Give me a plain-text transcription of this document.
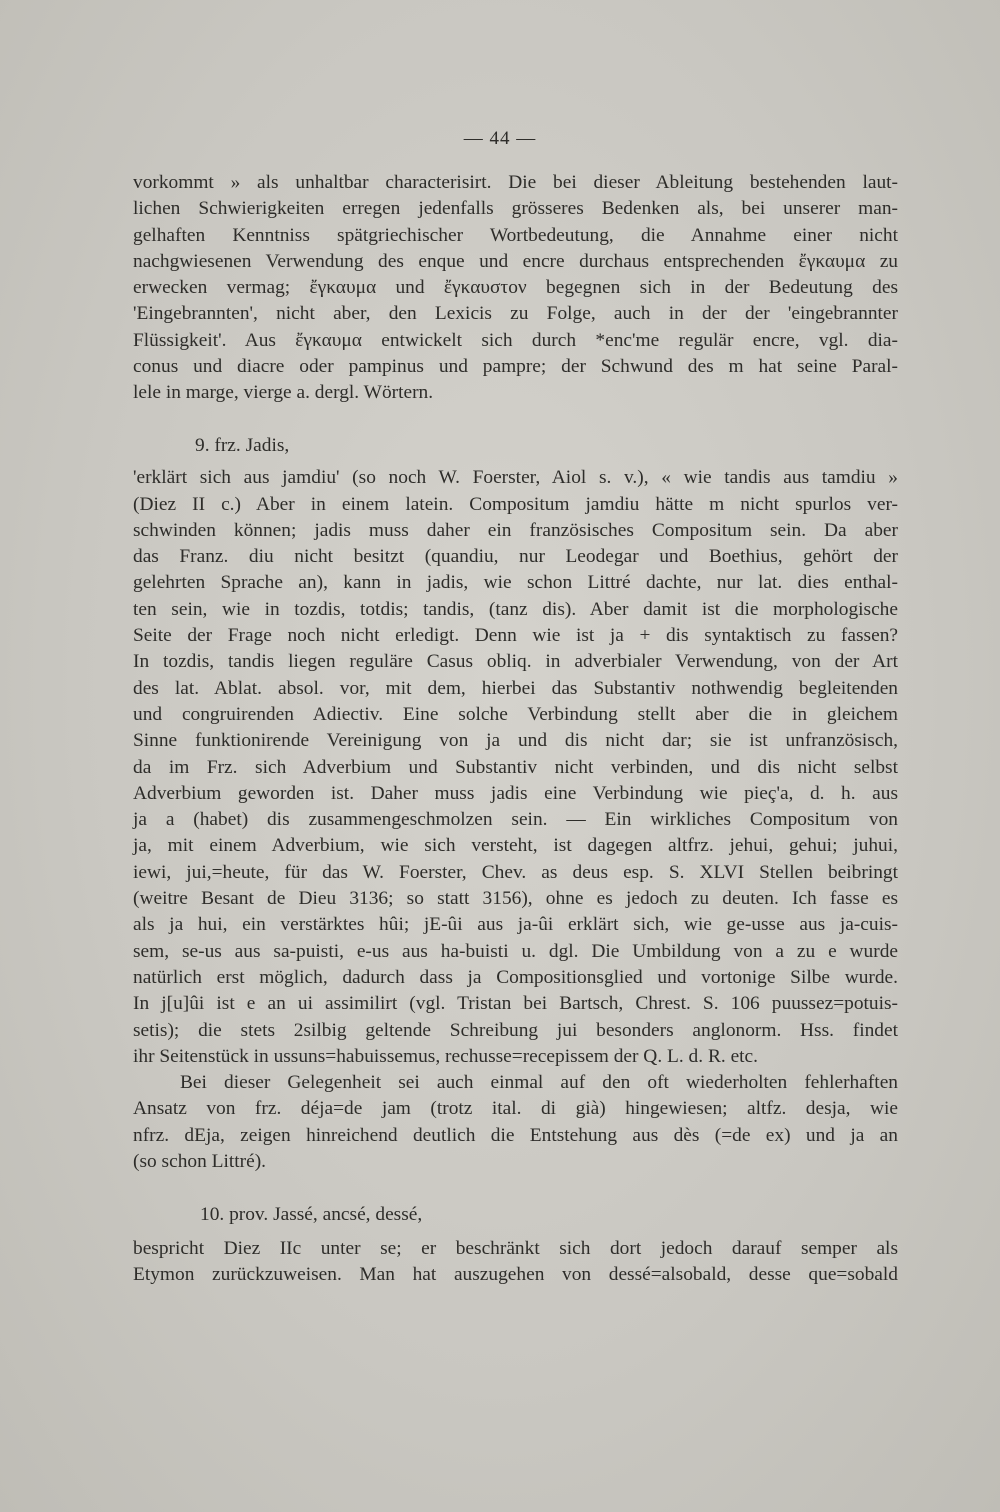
— 44 —
vorkommt » als unhaltbar characterisirt. Die bei dieser Ableitung bestehenden laut-
lichen Schwierigkeiten erregen jedenfalls grösseres Bedenken als, bei unserer man-
gelhaften Kenntniss spätgriechischer Wortbedeutung, die Annahme einer nicht
nachgwiesenen Verwendung des enque und encre durchaus entsprechenden ἔγκαυμα zu
erwecken vermag; ἔγκαυμα und ἔγκαυστον begegnen sich in der Bedeutung des
'Eingebrannten', nicht aber, den Lexicis zu Folge, auch in der der 'eingebrannter
Flüssigkeit'. Aus ἔγκαυμα entwickelt sich durch *enc'me regulär encre, vgl. dia-
conus und diacre oder pampinus und pampre; der Schwund des m hat seine Paral-
lele in marge, vierge a. dergl. Wörtern.
9. frz. Jadis,
'erklärt sich aus jamdiu' (so noch W. Foerster, Aiol s. v.), « wie tandis aus tamdiu »
(Diez II c.) Aber in einem latein. Compositum jamdiu hätte m nicht spurlos ver-
schwinden können; jadis muss daher ein französisches Compositum sein. Da aber
das Franz. diu nicht besitzt (quandiu, nur Leodegar und Boethius, gehört der
gelehrten Sprache an), kann in jadis, wie schon Littré dachte, nur lat. dies enthal-
ten sein, wie in tozdis, totdis; tandis, (tanz dis). Aber damit ist die morphologische
Seite der Frage noch nicht erledigt. Denn wie ist ja + dis syntaktisch zu fassen?
In tozdis, tandis liegen reguläre Casus obliq. in adverbialer Verwendung, von der Art
des lat. Ablat. absol. vor, mit dem, hierbei das Substantiv nothwendig begleitenden
und congruirenden Adiectiv. Eine solche Verbindung stellt aber die in gleichem
Sinne funktionirende Vereinigung von ja und dis nicht dar; sie ist unfranzösisch,
da im Frz. sich Adverbium und Substantiv nicht verbinden, und dis nicht selbst
Adverbium geworden ist. Daher muss jadis eine Verbindung wie pieç'a, d. h. aus
ja a (habet) dis zusammengeschmolzen sein. — Ein wirkliches Compositum von
ja, mit einem Adverbium, wie sich versteht, ist dagegen altfrz. jehui, gehui; juhui,
iewi, jui,=heute, für das W. Foerster, Chev. as deus esp. S. XLVI Stellen beibringt
(weitre Besant de Dieu 3136; so statt 3156), ohne es jedoch zu deuten. Ich fasse es
als ja hui, ein verstärktes hûi; jE-ûi aus ja-ûi erklärt sich, wie ge-usse aus ja-cuis-
sem, se-us aus sa-puisti, e-us aus ha-buisti u. dgl. Die Umbildung von a zu e wurde
natürlich erst möglich, dadurch dass ja Compositionsglied und vortonige Silbe wurde.
In j[u]ûi ist e an ui assimilirt (vgl. Tristan bei Bartsch, Chrest. S. 106 puussez=potuis-
setis); die stets 2silbig geltende Schreibung jui besonders anglonorm. Hss. findet
ihr Seitenstück in ussuns=habuissemus, rechusse=recepissem der Q. L. d. R. etc.
Bei dieser Gelegenheit sei auch einmal auf den oft wiederholten fehlerhaften
Ansatz von frz. déja=de jam (trotz ital. di già) hingewiesen; altfz. desja, wie
nfrz. dEja, zeigen hinreichend deutlich die Entstehung aus dès (=de ex) und ja an
(so schon Littré).
10. prov. Jassé, ancsé, dessé,
bespricht Diez IIc unter se; er beschränkt sich dort jedoch darauf semper als
Etymon zurückzuweisen. Man hat auszugehen von dessé=alsobald, desse que=sobald
